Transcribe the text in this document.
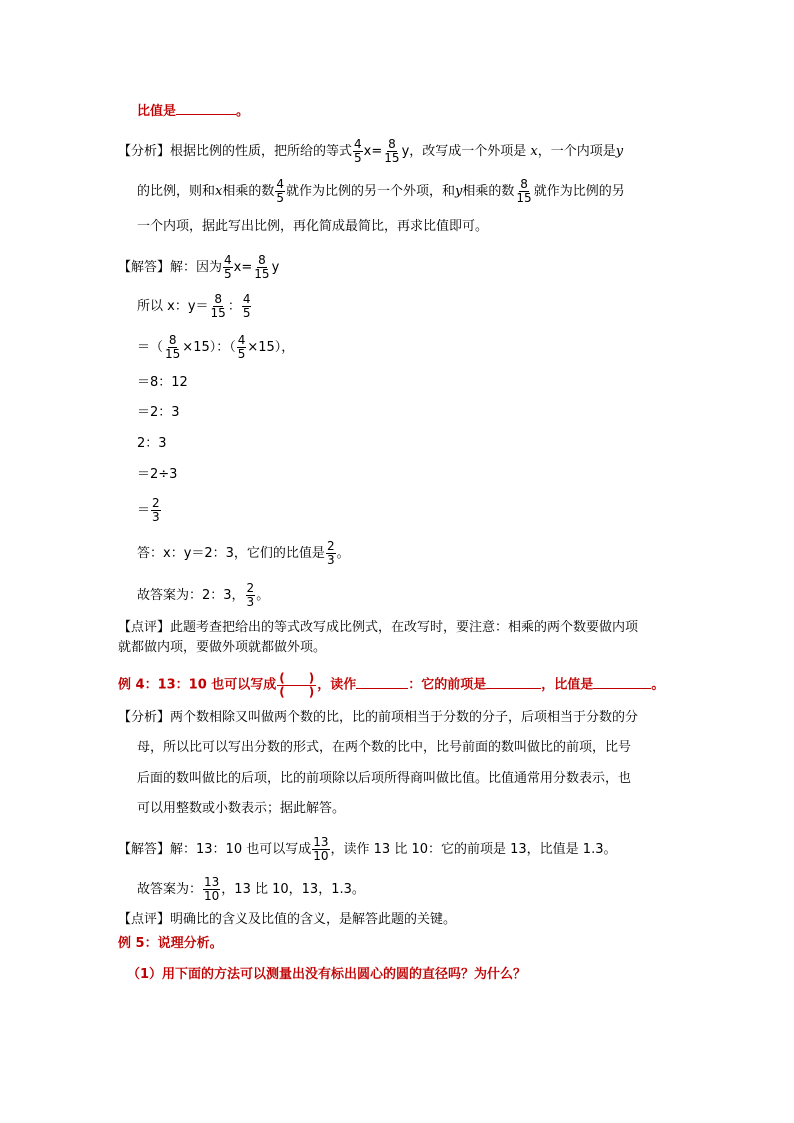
比值是	。
【分析】根据比例的性质，把所给的等式 $\frac{4}{5} x= \frac{8}{15}$ y，改写成一个外项是 x，一个内项是y
的比例，则和x相乘的数 $\frac{4}{5}$ 就作为比例的另一个外项，和y相乘的数 $\frac{8}{15}$ 就作为比例的另
一个内项，据此写出比例，再化简成最简比，再求比值即可。
【解答】解：因为 $\frac{4}{5} x= \frac{8}{15}$ y
所以 x：$y= \frac{8}{15}$ ： $\frac{4}{5}$
＝（ $\frac{8}{15} \times 15$）：（ $\frac{4}{5} \times 15$），
＝8：12
＝2：3
2：3
＝2÷3
＝ $\frac{2}{3}$
答：x：y＝2：3，它们的比值是 $\frac{2}{3}$ 。
故答案为：2：3， $\frac{2}{3}$ 。
【点评】此题考查把给出的等式改写成比例式，在改写时，要注意：相乘的两个数要做内项
就都做内项，要做外项就都做外项。
例 4：13：10 也可以写成 $\frac{( )}{( )}$ ，读作	：它的前项是	，比值是	。
【分析】两个数相除又叫做两个数的比，比的前项相当于分数的分子，后项相当于分数的分
母，所以比可以写出分数的形式，在两个数的比中，比号前面的数叫做比的前项，比号
后面的数叫做比的后项，比的前项除以后项所得商叫做比值。比值通常用分数表示，也
可以用整数或小数表示；据此解答。
【解答】解：13：10 也可以写成 $\frac{13}{10}$ ，读作 13 比 10：它的前项是 13，比值是 1.3。
故答案为： $\frac{13}{10}$ ，13 比 10，13，1.3。
【点评】明确比的含义及比值的含义，是解答此题的关键。
例 5：说理分析。
（1）用下面的方法可以测量出没有标出圆心的圆的直径吗？为什么？
